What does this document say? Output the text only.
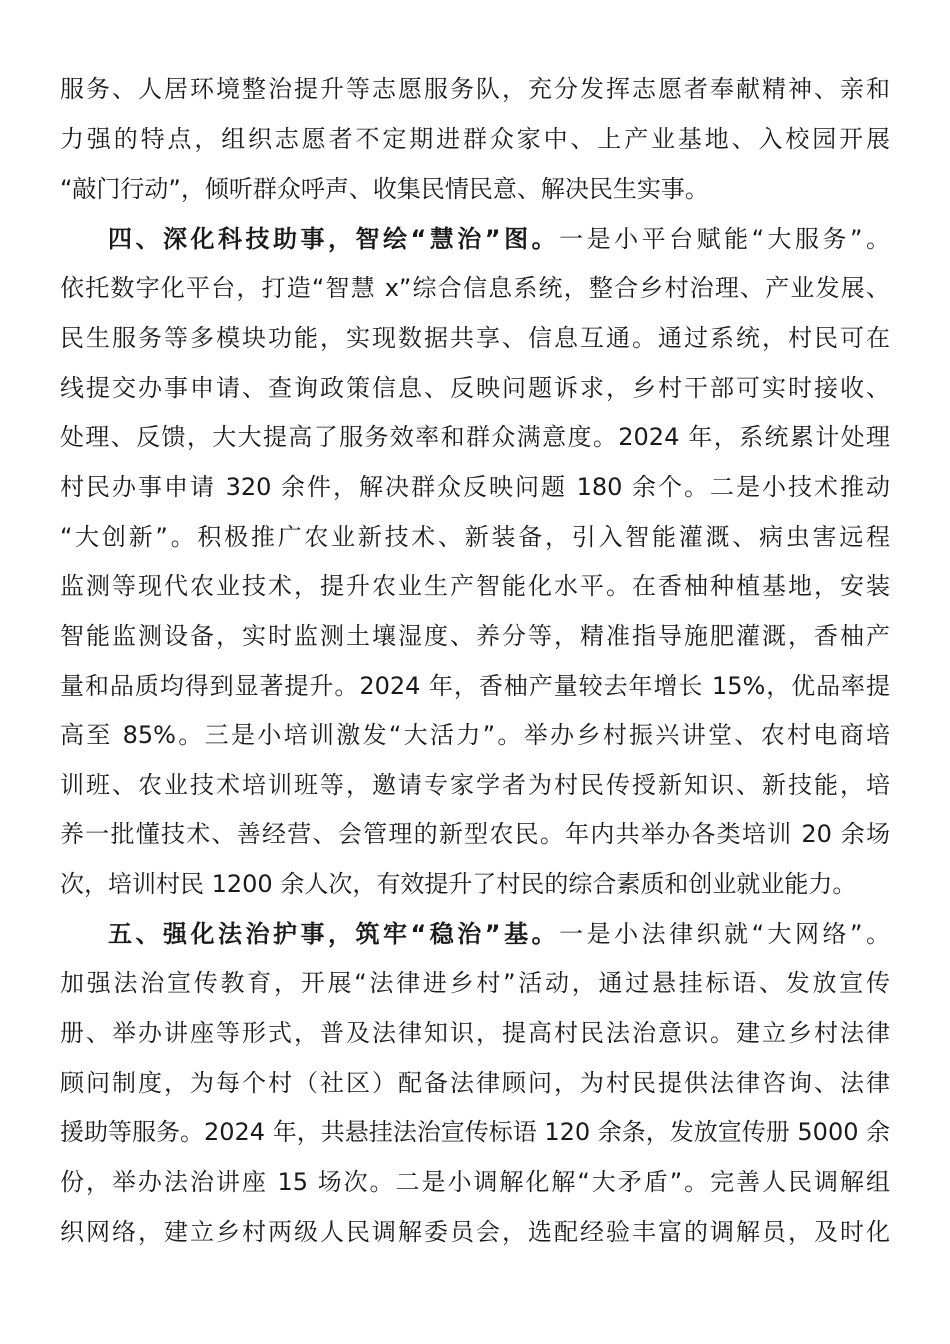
服务、人居环境整治提升等志愿服务队，充分发挥志愿者奉献精神、亲和
力强的特点，组织志愿者不定期进群众家中、上产业基地、入校园开展
“敲门行动”，倾听群众呼声、收集民情民意、解决民生实事。
四、深化科技助事，智绘“慧治”图。一是小平台赋能“大服务”。
依托数字化平台，打造“智慧 x”综合信息系统，整合乡村治理、产业发展、
民生服务等多模块功能，实现数据共享、信息互通。通过系统，村民可在
线提交办事申请、查询政策信息、反映问题诉求，乡村干部可实时接收、
处理、反馈，大大提高了服务效率和群众满意度。2024 年，系统累计处理
村民办事申请 320 余件，解决群众反映问题 180 余个。二是小技术推动
“大创新”。积极推广农业新技术、新装备，引入智能灌溉、病虫害远程
监测等现代农业技术，提升农业生产智能化水平。在香柚种植基地，安装
智能监测设备，实时监测土壤湿度、养分等，精准指导施肥灌溉，香柚产
量和品质均得到显著提升。2024 年，香柚产量较去年增长 15%，优品率提
高至 85%。三是小培训激发“大活力”。举办乡村振兴讲堂、农村电商培
训班、农业技术培训班等，邀请专家学者为村民传授新知识、新技能，培
养一批懂技术、善经营、会管理的新型农民。年内共举办各类培训 20 余场
次，培训村民 1200 余人次，有效提升了村民的综合素质和创业就业能力。
五、强化法治护事，筑牢“稳治”基。一是小法律织就“大网络”。
加强法治宣传教育，开展“法律进乡村”活动，通过悬挂标语、发放宣传
册、举办讲座等形式，普及法律知识，提高村民法治意识。建立乡村法律
顾问制度，为每个村（社区）配备法律顾问，为村民提供法律咨询、法律
援助等服务。2024 年，共悬挂法治宣传标语 120 余条，发放宣传册 5000 余
份，举办法治讲座 15 场次。二是小调解化解“大矛盾”。完善人民调解组
织网络，建立乡村两级人民调解委员会，选配经验丰富的调解员，及时化
